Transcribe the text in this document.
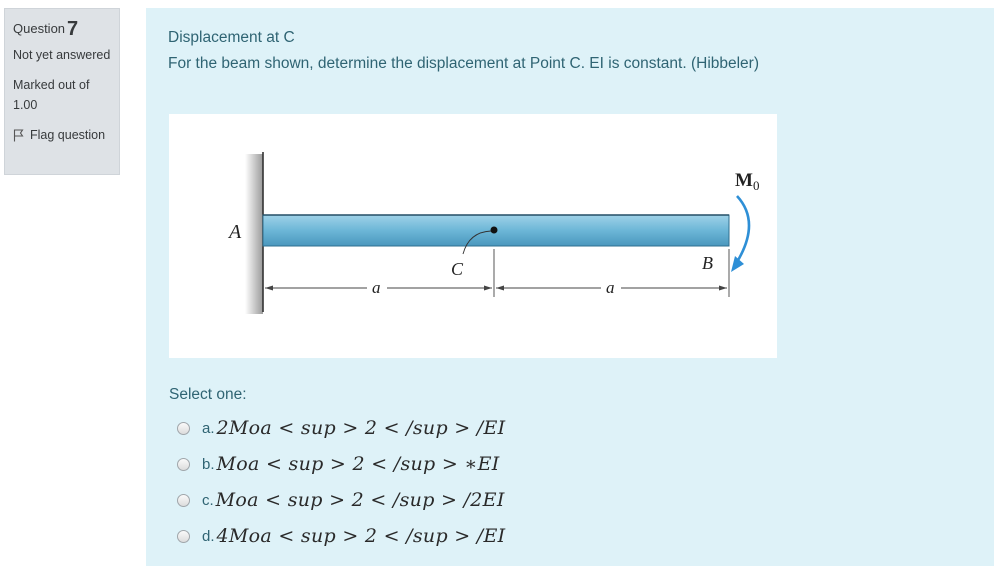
Question 7
Not yet answered
Marked out of 1.00
Flag question
Displacement at C
For the beam shown, determine the displacement at Point C. EI is constant. (Hibbeler)
A
B
C
a	a
$M_0$
Select one:
a. 2Moa < sup > 2 < /sup > /EI
b. Moa < sup > 2 < /sup > ∗EI
c. Moa < sup > 2 < /sup > /2EI
d. 4Moa < sup > 2 < /sup > /EI
